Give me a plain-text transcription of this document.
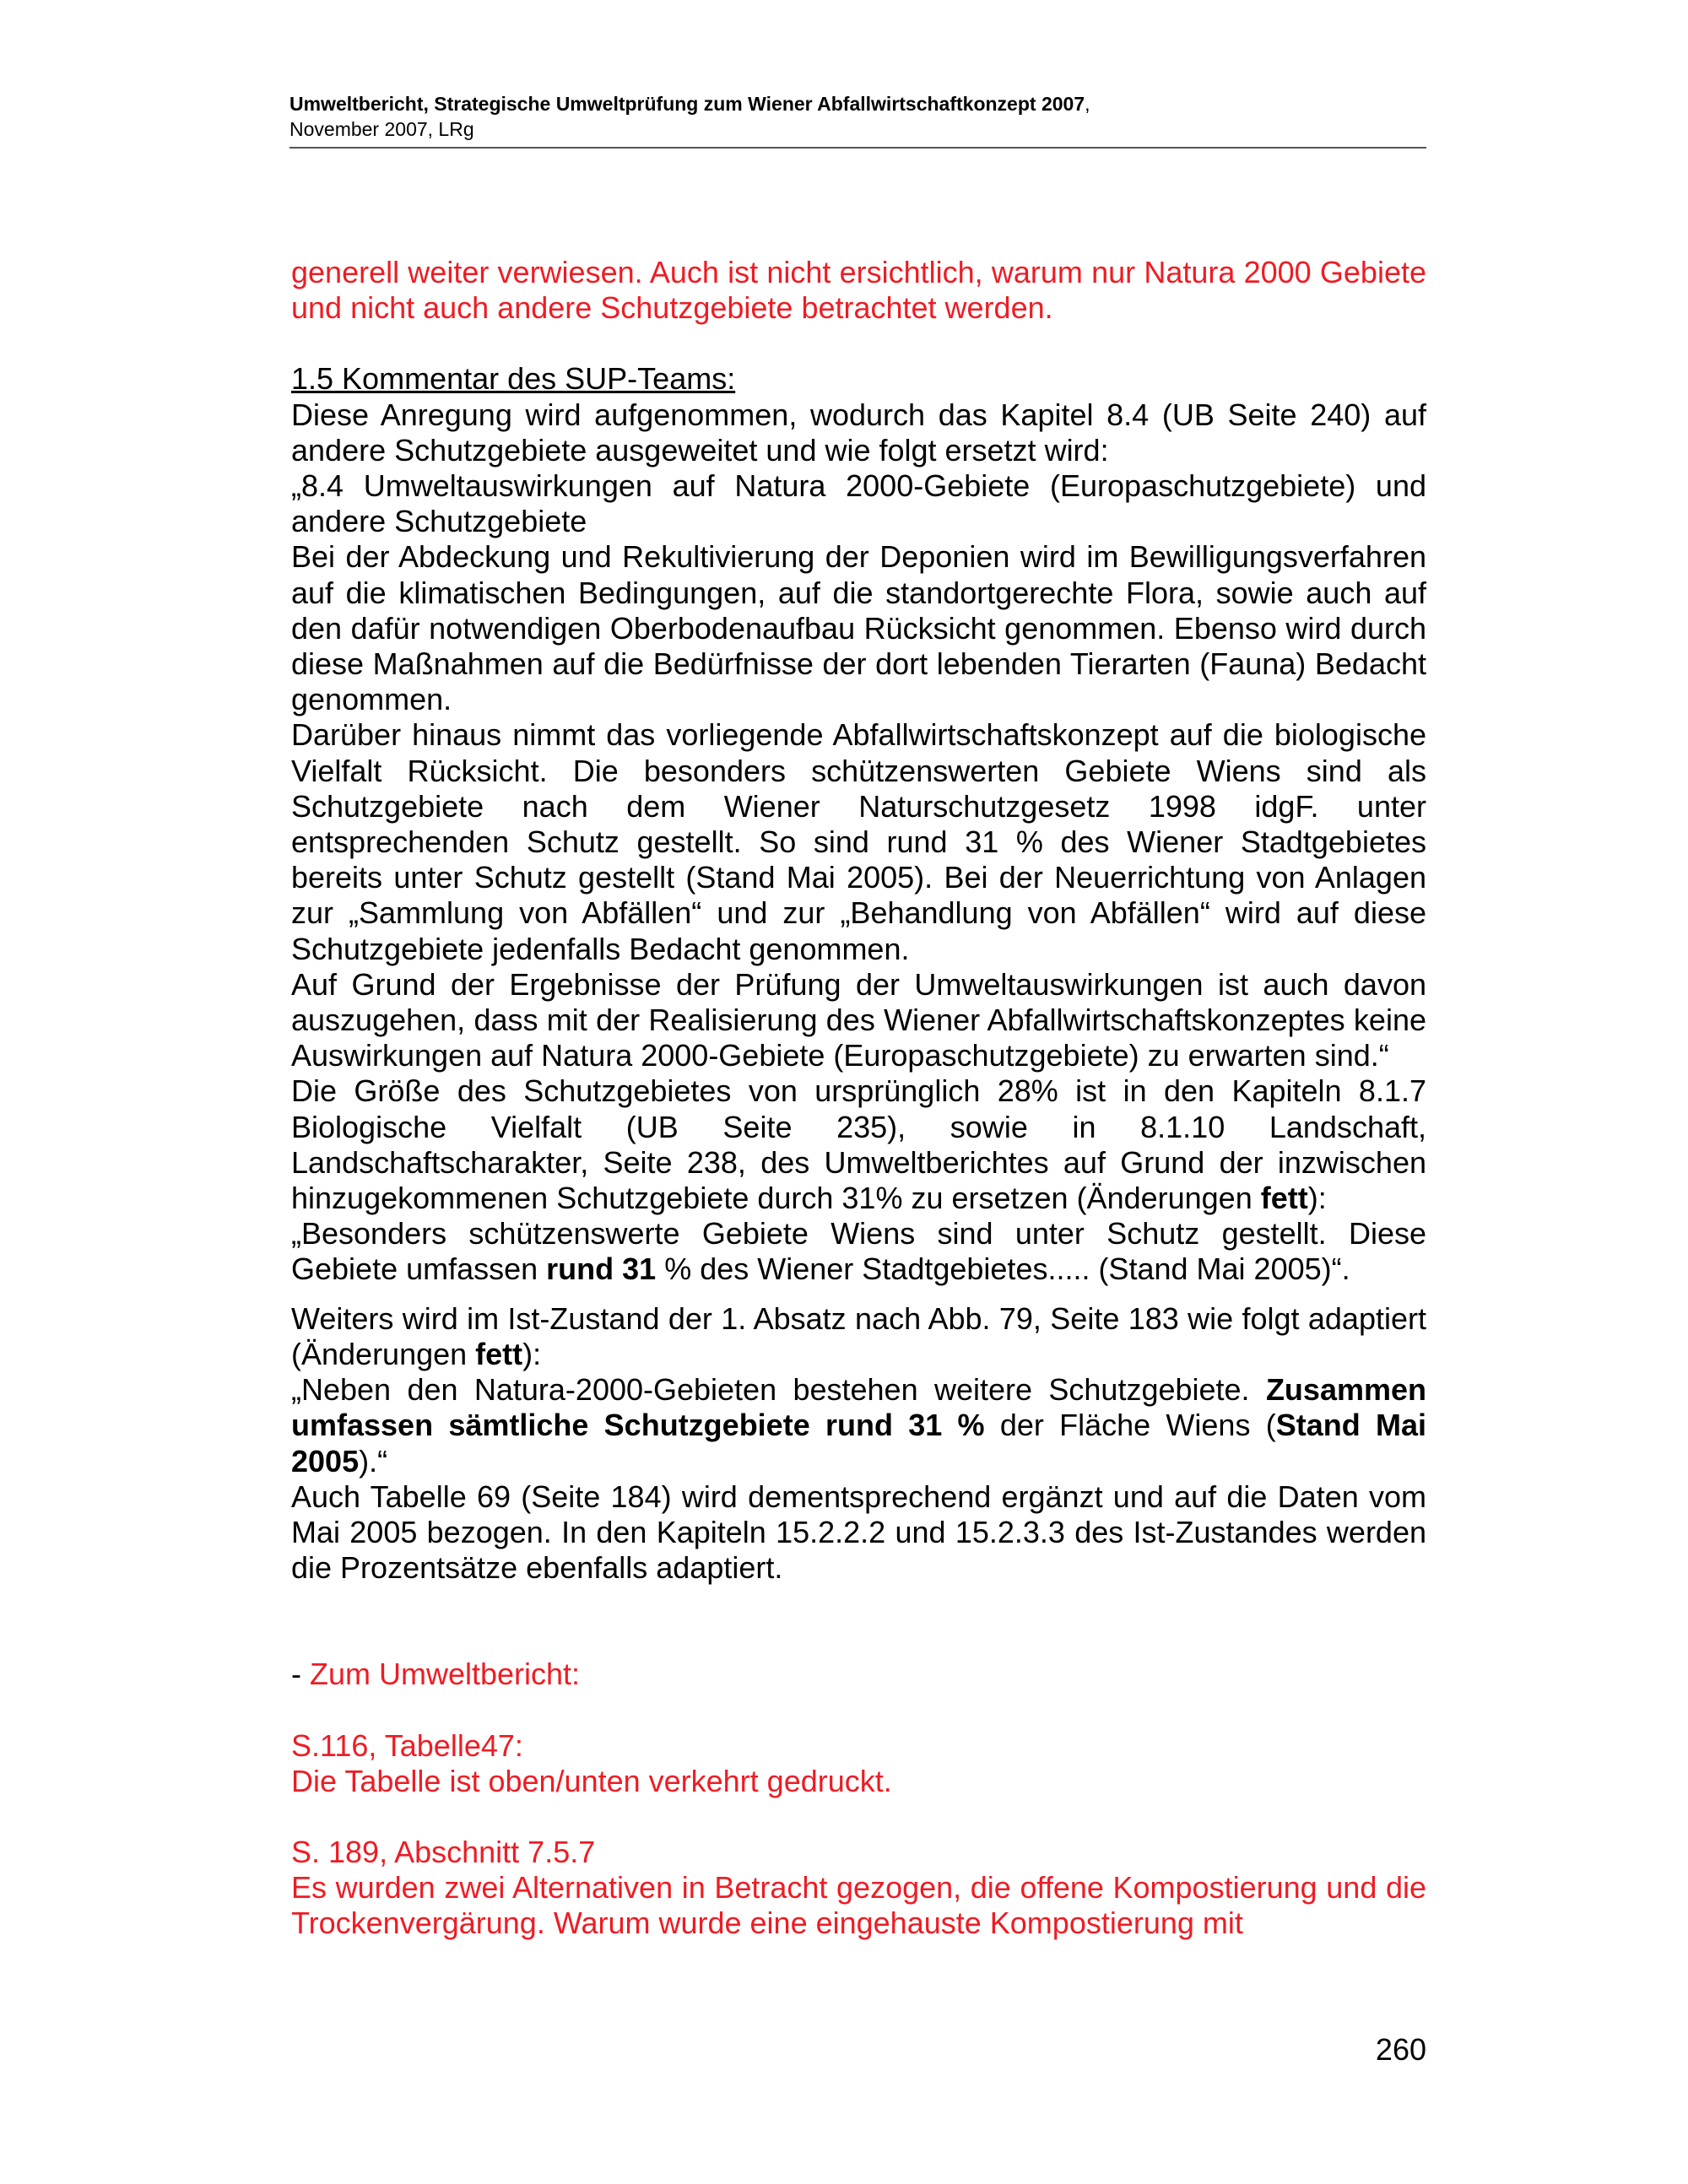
Umweltbericht, Strategische Umweltprüfung zum Wiener Abfallwirtschaftkonzept 2007,
November 2007, LRg

generell weiter verwiesen. Auch ist nicht ersichtlich, warum nur Natura 2000 Gebiete und nicht auch andere Schutzgebiete betrachtet werden.

1.5 Kommentar des SUP-Teams:

Diese Anregung wird aufgenommen, wodurch das Kapitel 8.4 (UB Seite 240) auf andere Schutzgebiete ausgeweitet und wie folgt ersetzt wird:

„8.4 Umweltauswirkungen auf Natura 2000-Gebiete (Europaschutzgebiete) und andere Schutzgebiete

Bei der Abdeckung und Rekultivierung der Deponien wird im Bewilligungsverfahren auf die klimatischen Bedingungen, auf die standortgerechte Flora, sowie auch auf den dafür notwendigen Oberbodenaufbau Rücksicht genommen. Ebenso wird durch diese Maßnahmen auf die Bedürfnisse der dort lebenden Tierarten (Fauna) Bedacht genommen.

Darüber hinaus nimmt das vorliegende Abfallwirtschaftskonzept auf die biologische Vielfalt Rücksicht. Die besonders schützenswerten Gebiete Wiens sind als Schutzgebiete nach dem Wiener Naturschutzgesetz 1998 idgF. unter entsprechenden Schutz gestellt. So sind rund 31 % des Wiener Stadtgebietes bereits unter Schutz gestellt (Stand Mai 2005). Bei der Neuerrichtung von Anlagen zur „Sammlung von Abfällen“ und zur „Behandlung von Abfällen“ wird auf diese Schutzgebiete jedenfalls Bedacht genommen.

Auf Grund der Ergebnisse der Prüfung der Umweltauswirkungen ist auch davon auszugehen, dass mit der Realisierung des Wiener Abfallwirtschaftskonzeptes keine Auswirkungen auf Natura 2000-Gebiete (Europaschutzgebiete) zu erwarten sind.“

Die Größe des Schutzgebietes von ursprünglich 28% ist in den Kapiteln 8.1.7 Biologische Vielfalt (UB Seite 235), sowie in 8.1.10 Landschaft, Landschaftscharakter, Seite 238, des Umweltberichtes auf Grund der inzwischen hinzugekommenen Schutzgebiete durch 31% zu ersetzen (Änderungen fett):

„Besonders schützenswerte Gebiete Wiens sind unter Schutz gestellt. Diese Gebiete umfassen rund 31 % des Wiener Stadtgebietes..... (Stand Mai 2005)“.

Weiters wird im Ist-Zustand der 1. Absatz nach Abb. 79, Seite 183 wie folgt adaptiert (Änderungen fett):

„Neben den Natura-2000-Gebieten bestehen weitere Schutzgebiete. Zusammen umfassen sämtliche Schutzgebiete rund 31 % der Fläche Wiens (Stand Mai 2005).“

Auch Tabelle 69 (Seite 184) wird dementsprechend ergänzt und auf die Daten vom Mai 2005 bezogen. In den Kapiteln 15.2.2.2 und 15.2.3.3 des Ist-Zustandes werden die Prozentsätze ebenfalls adaptiert.

- Zum Umweltbericht:

S.116, Tabelle47:

Die Tabelle ist oben/unten verkehrt gedruckt.

S. 189, Abschnitt 7.5.7

Es wurden zwei Alternativen in Betracht gezogen, die offene Kompostierung und die Trockenvergärung. Warum wurde eine eingehauste Kompostierung mit

260
